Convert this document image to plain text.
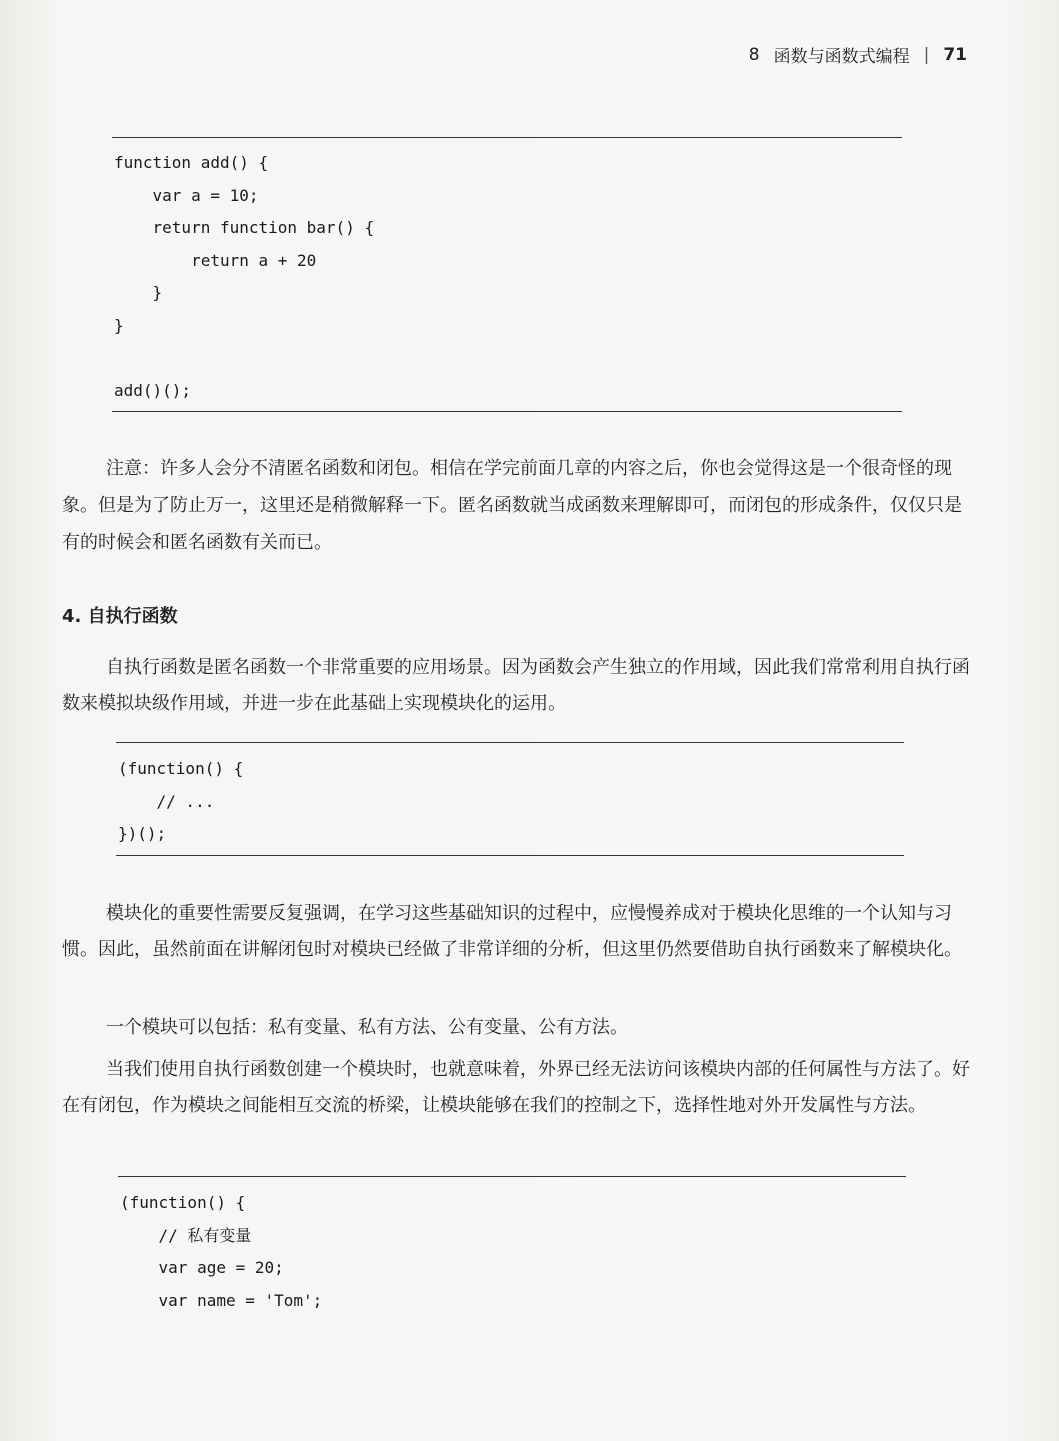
8 函数与函数式编程 | 71
function add() {
var a = 10;
return function bar() {
return a + 20
}
}
add()();

注意：许多人会分不清匿名函数和闭包。相信在学完前面几章的内容之后，你也会觉得这是一个很奇怪的现象。但是为了防止万一，这里还是稍微解释一下。匿名函数就当成函数来理解即可，而闭包的形成条件，仅仅只是有的时候会和匿名函数有关而已。

4. 自执行函数

自执行函数是匿名函数一个非常重要的应用场景。因为函数会产生独立的作用域，因此我们常常利用自执行函数来模拟块级作用域，并进一步在此基础上实现模块化的运用。

(function() {
// ...
})();

模块化的重要性需要反复强调，在学习这些基础知识的过程中，应慢慢养成对于模块化思维的一个认知与习惯。因此，虽然前面在讲解闭包时对模块已经做了非常详细的分析，但这里仍然要借助自执行函数来了解模块化。

一个模块可以包括：私有变量、私有方法、公有变量、公有方法。

当我们使用自执行函数创建一个模块时，也就意味着，外界已经无法访问该模块内部的任何属性与方法了。好在有闭包，作为模块之间能相互交流的桥梁，让模块能够在我们的控制之下，选择性地对外开发属性与方法。

(function() {
// 私有变量
var age = 20;
var name = 'Tom';
